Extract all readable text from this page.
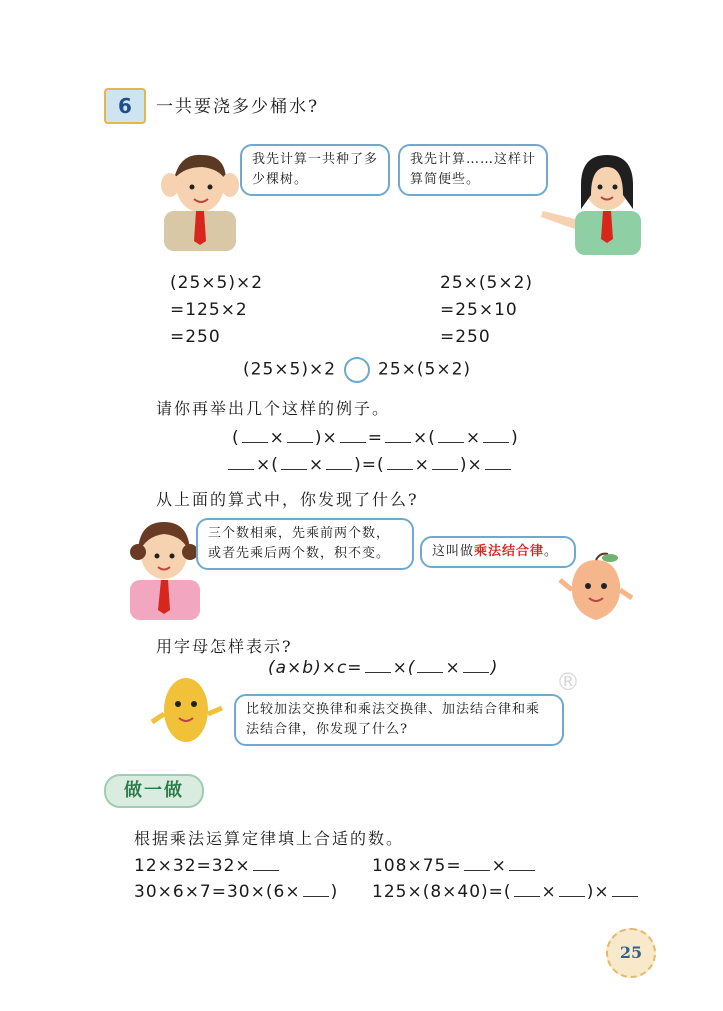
6	一共要浇多少桶水?
我先计算一共种了多少棵树。
我先计算……这样计算简便些。
(25×5)×2
=125×2
=250
25×(5×2)
=25×10
=250
(25×5)×2 25×(5×2)
请你再举出几个这样的例子。
( × )× = ×( × )
×( × )=( × )×
从上面的算式中，你发现了什么?
三个数相乘，先乘前两个数，或者先乘后两个数，积不变。	这叫做乘法结合律。
用字母怎样表示?
(a×b)×c= ×( × )
比较加法交换律和乘法交换律、加法结合律和乘法结合律，你发现了什么?
®
做一做
根据乘法运算定律填上合适的数。
12×32=32×	108×75= ×
30×6×7=30×(6× ) 125×(8×40)=( × )×
25
